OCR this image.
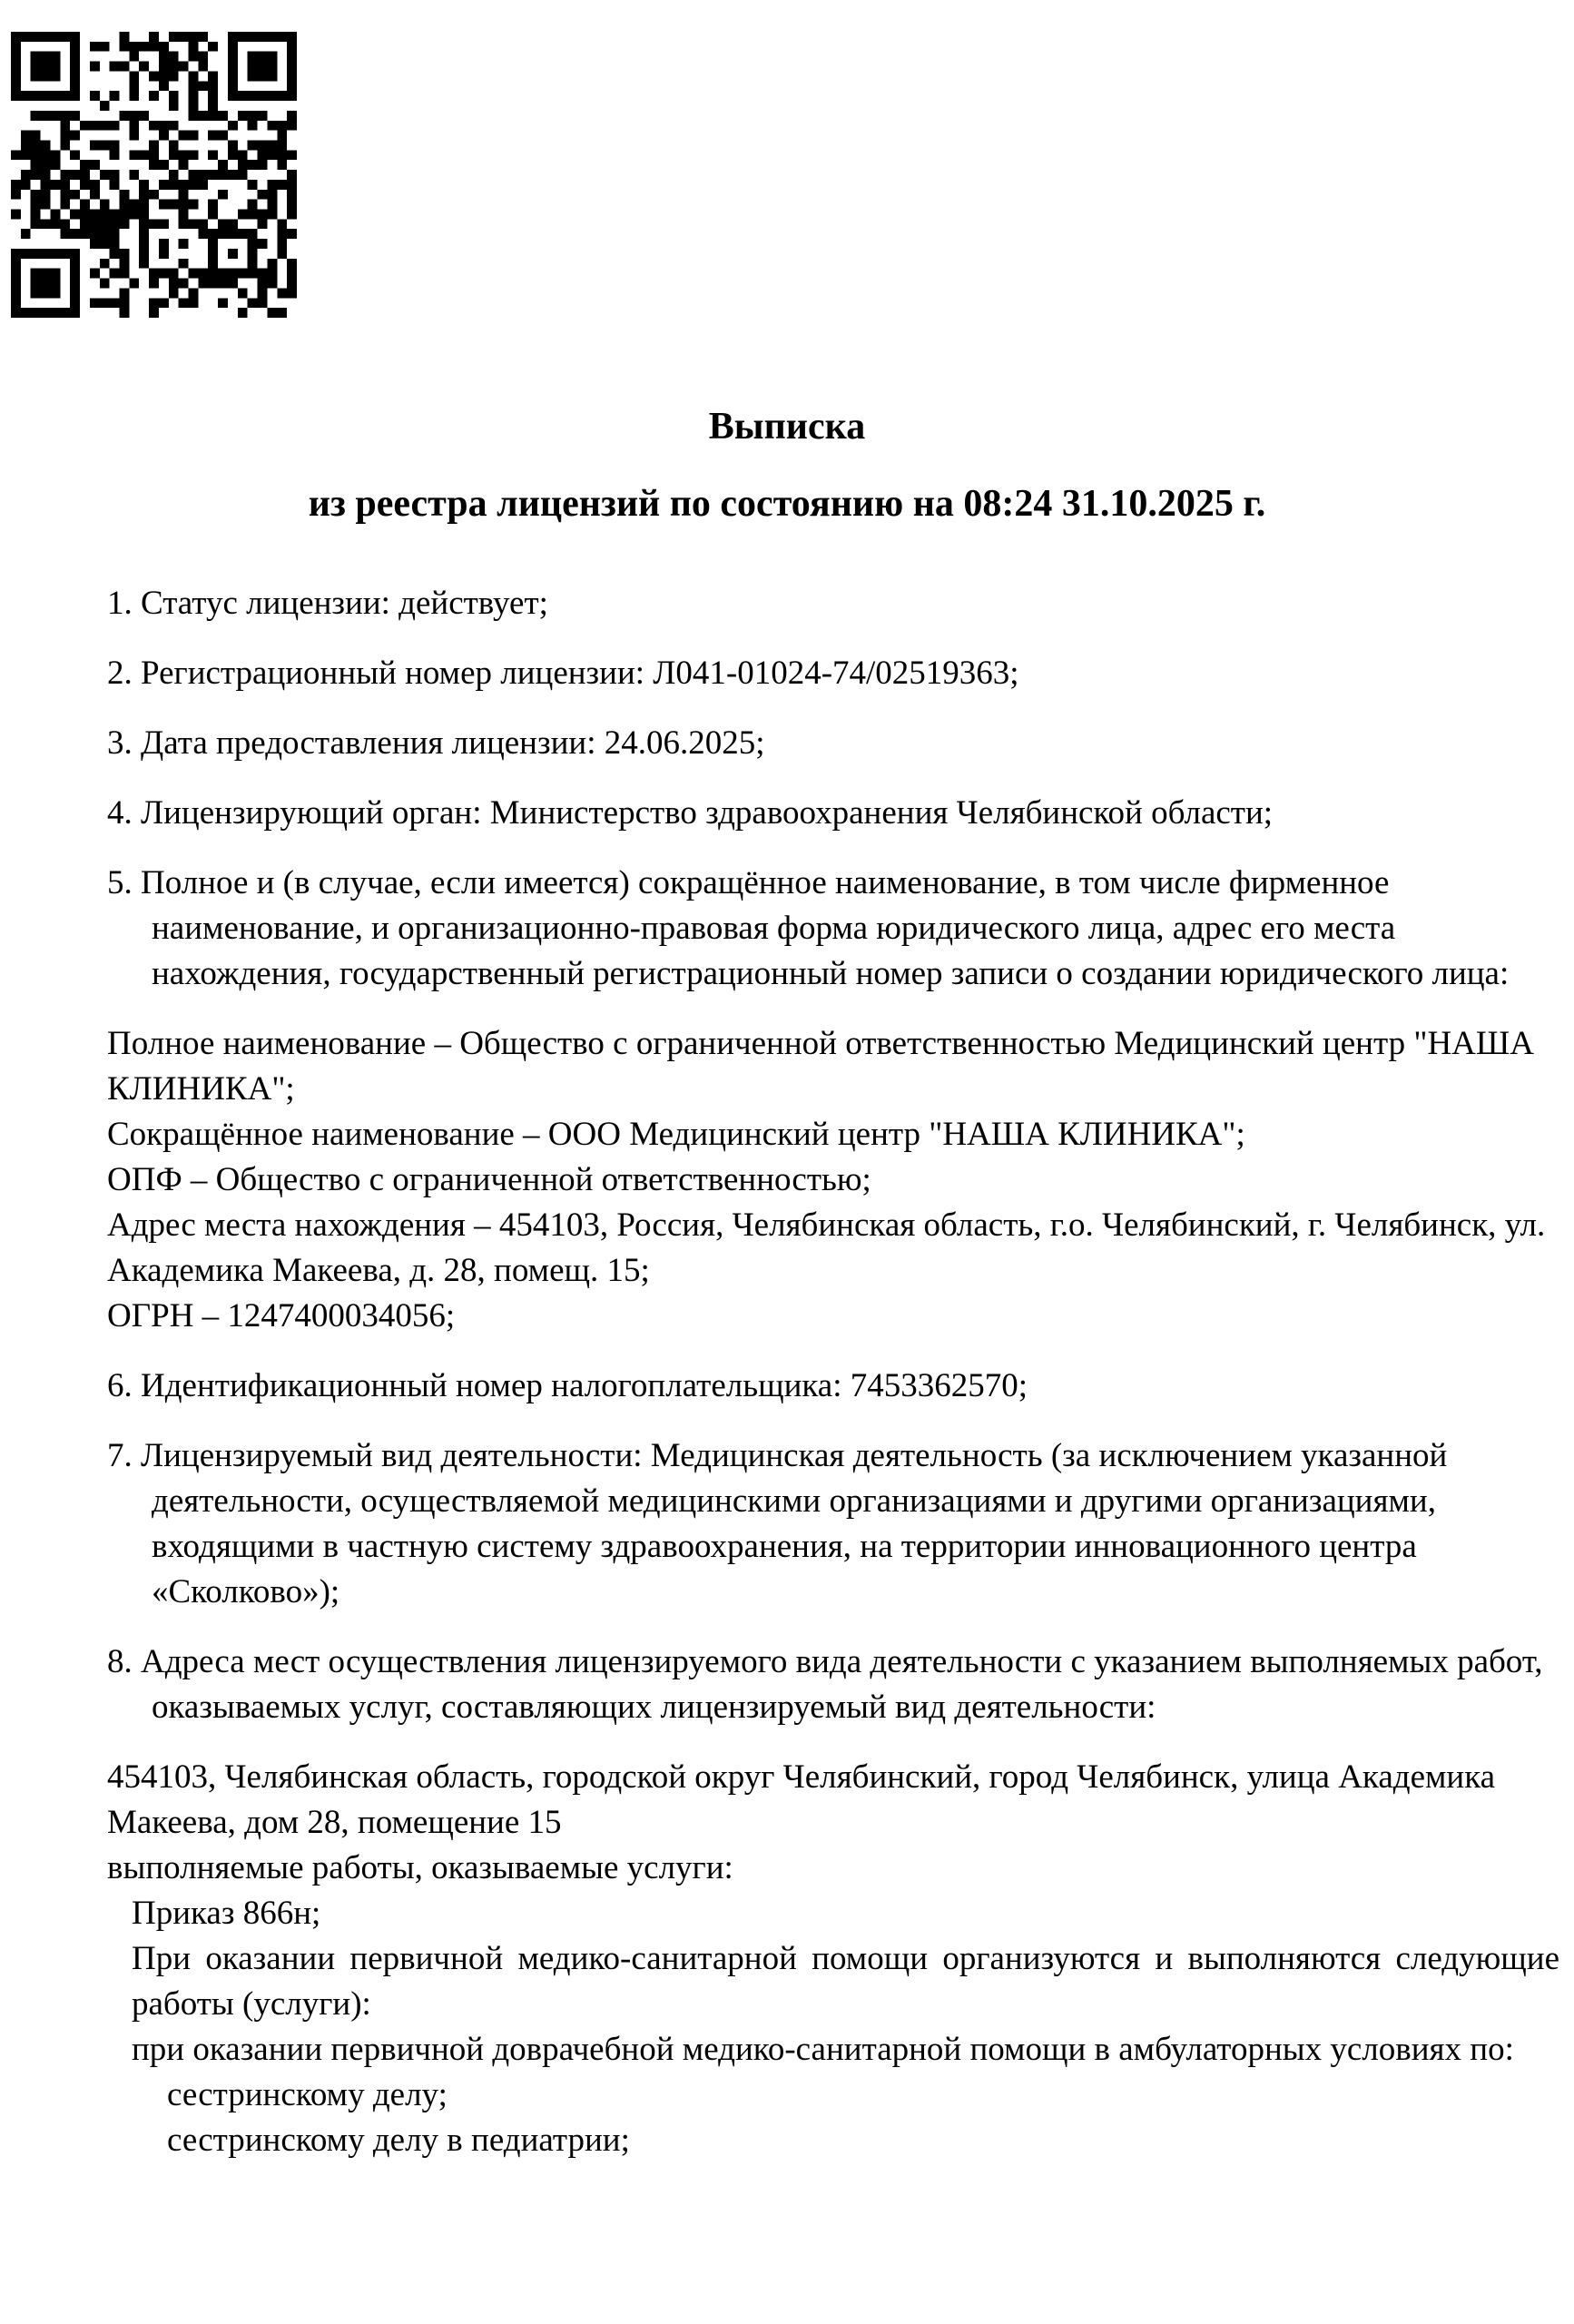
Выписка
из реестра лицензий по состоянию на 08:24 31.10.2025 г.

1. Статус лицензии: действует;

2. Регистрационный номер лицензии: Л041-01024-74/02519363;

3. Дата предоставления лицензии: 24.06.2025;

4. Лицензирующий орган: Министерство здравоохранения Челябинской области;

5. Полное и (в случае, если имеется) сокращённое наименование, в том числе фирменное наименование, и организационно-правовая форма юридического лица, адрес его места нахождения, государственный регистрационный номер записи о создании юридического лица:

Полное наименование – Общество с ограниченной ответственностью Медицинский центр "НАША КЛИНИКА";

Сокращённое наименование – ООО Медицинский центр "НАША КЛИНИКА";

ОПФ – Общество с ограниченной ответственностью;

Адрес места нахождения – 454103, Россия, Челябинская область, г.о. Челябинский, г. Челябинск, ул. Академика Макеева, д. 28, помещ. 15;

ОГРН – 1247400034056;

6. Идентификационный номер налогоплательщика: 7453362570;

7. Лицензируемый вид деятельности: Медицинская деятельность (за исключением указанной деятельности, осуществляемой медицинскими организациями и другими организациями, входящими в частную систему здравоохранения, на территории инновационного центра «Сколково»);

8. Адреса мест осуществления лицензируемого вида деятельности с указанием выполняемых работ, оказываемых услуг, составляющих лицензируемый вид деятельности:

454103, Челябинская область, городской округ Челябинский, город Челябинск, улица Академика Макеева, дом 28, помещение 15

выполняемые работы, оказываемые услуги:

Приказ 866н;

При оказании первичной медико-санитарной помощи организуются и выполняются следующие работы (услуги):

при оказании первичной доврачебной медико-санитарной помощи в амбулаторных условиях по:

сестринскому делу;

сестринскому делу в педиатрии;
